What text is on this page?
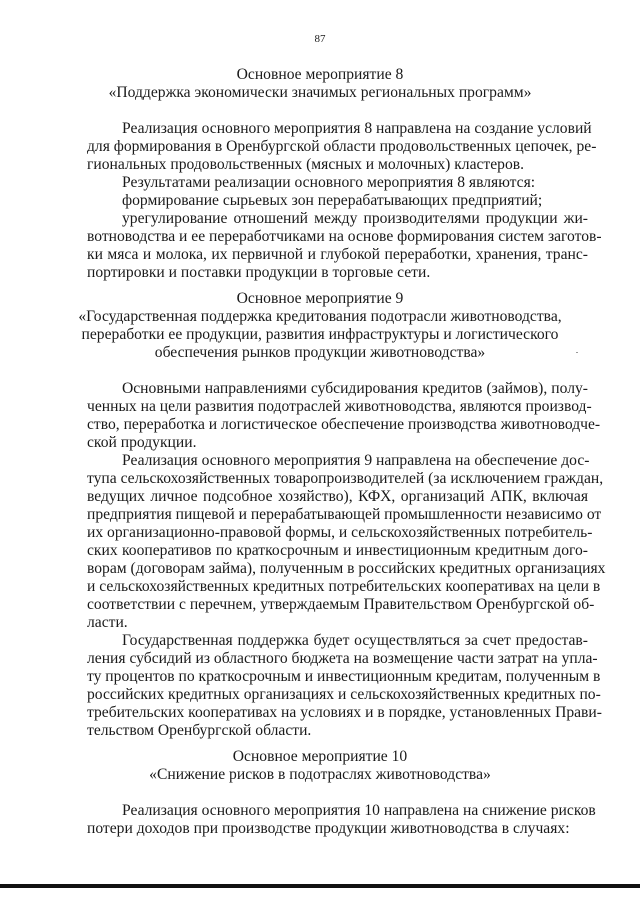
87
Основное мероприятие 8
«Поддержка экономически значимых региональных программ»
Реализация основного мероприятия 8 направлена на создание условий
для формирования в Оренбургской области продовольственных цепочек, ре-
гиональных продовольственных (мясных и молочных) кластеров.
Результатами реализации основного мероприятия 8 являются:
формирование сырьевых зон перерабатывающих предприятий;
урегулирование отношений между производителями продукции жи-
вотноводства и ее переработчиками на основе формирования систем заготов-
ки мяса и молока, их первичной и глубокой переработки, хранения, транс-
портировки и поставки продукции в торговые сети.
Основное мероприятие 9
«Государственная поддержка кредитования подотрасли животноводства,
переработки ее продукции, развития инфраструктуры и логистического
обеспечения рынков продукции животноводства»
Основными направлениями субсидирования кредитов (займов), полу-
ченных на цели развития подотраслей животноводства, являются производ-
ство, переработка и логистическое обеспечение производства животноводче-
ской продукции.
Реализация основного мероприятия 9 направлена на обеспечение дос-
тупа сельскохозяйственных товаропроизводителей (за исключением граждан,
ведущих личное подсобное хозяйство), КФХ, организаций АПК, включая
предприятия пищевой и перерабатывающей промышленности независимо от
их организационно-правовой формы, и сельскохозяйственных потребитель-
ских кооперативов по краткосрочным и инвестиционным кредитным дого-
ворам (договорам займа), полученным в российских кредитных организациях
и сельскохозяйственных кредитных потребительских кооперативах на цели в
соответствии с перечнем, утверждаемым Правительством Оренбургской об-
ласти.
Государственная поддержка будет осуществляться за счет предостав-
ления субсидий из областного бюджета на возмещение части затрат на упла-
ту процентов по краткосрочным и инвестиционным кредитам, полученным в
российских кредитных организациях и сельскохозяйственных кредитных по-
требительских кооперативах на условиях и в порядке, установленных Прави-
тельством Оренбургской области.
Основное мероприятие 10
«Снижение рисков в подотраслях животноводства»
Реализация основного мероприятия 10 направлена на снижение рисков
потери доходов при производстве продукции животноводства в случаях:
